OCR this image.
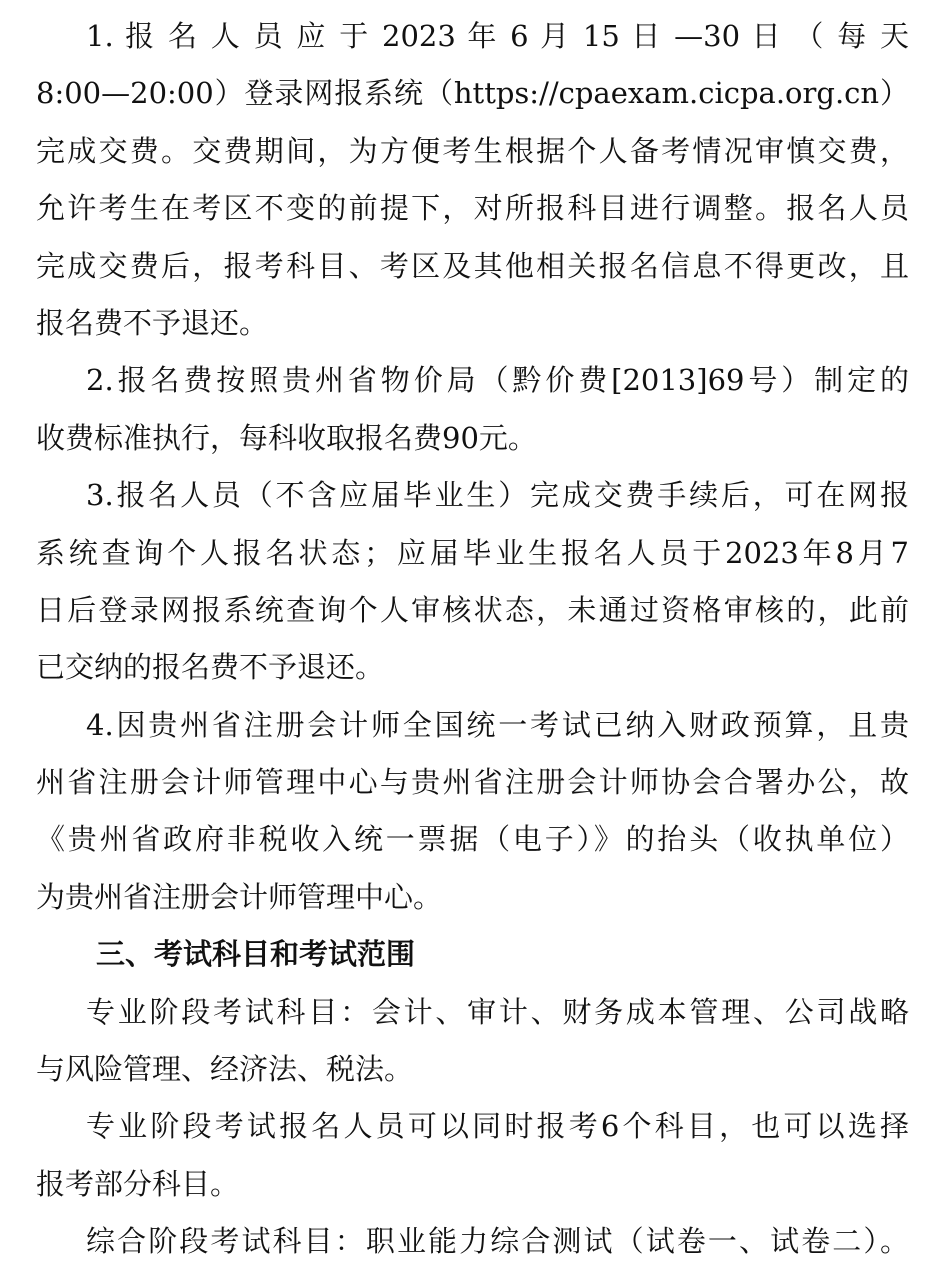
1. 报 名 人 员 应 于 2023 年 6 月 15 日 —30 日 （ 每 天
8:00—20:00）登录网报系统（https://cpaexam.cicpa.org.cn）
完成交费。交费期间，为方便考生根据个人备考情况审慎交费，
允许考生在考区不变的前提下，对所报科目进行调整。报名人员
完成交费后，报考科目、考区及其他相关报名信息不得更改，且
报名费不予退还。
2.报名费按照贵州省物价局（黔价费[2013]69号）制定的
收费标准执行，每科收取报名费90元。
3.报名人员（不含应届毕业生）完成交费手续后，可在网报
系统查询个人报名状态；应届毕业生报名人员于2023年8月7
日后登录网报系统查询个人审核状态，未通过资格审核的，此前
已交纳的报名费不予退还。
4.因贵州省注册会计师全国统一考试已纳入财政预算，且贵
州省注册会计师管理中心与贵州省注册会计师协会合署办公，故
《贵州省政府非税收入统一票据（电子）》的抬头（收执单位）
为贵州省注册会计师管理中心。
三、考试科目和考试范围
专业阶段考试科目：会计、审计、财务成本管理、公司战略
与风险管理、经济法、税法。
专业阶段考试报名人员可以同时报考6个科目，也可以选择
报考部分科目。
综合阶段考试科目：职业能力综合测试（试卷一、试卷二）。
